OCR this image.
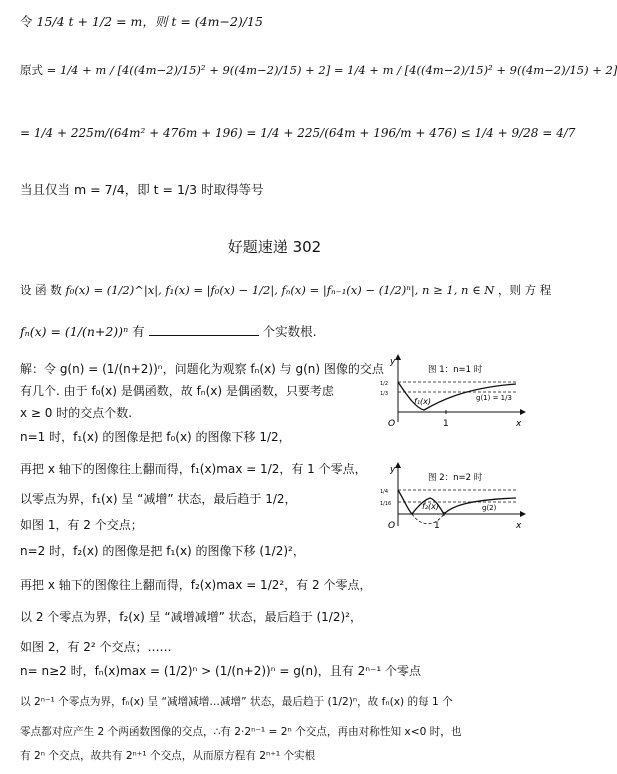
令 15/4 t + 1/2 = m，则 t = (4m−2)/15
原式 = 1/4 + m / [4((4m−2)/15)² + 9((4m−2)/15) + 2] = 1/4 + m / [4((4m−2)/15)² + 9((4m−2)/15) + 2]
= 1/4 + 225m/(64m² + 476m + 196) = 1/4 + 225/(64m + 196/m + 476) ≤ 1/4 + 9/28 = 4/7
当且仅当 m = 7/4，即 t = 1/3 时取得等号
好题速递 302
设 函 数 f₀(x) = (1/2)^|x|, f₁(x) = |f₀(x) − 1/2|, fₙ(x) = |fₙ₋₁(x) − (1/2)ⁿ|, n ≥ 1, n ∈ N ，则 方 程
fₙ(x) = (1/(n+2))ⁿ 有	个实数根.
解：令 g(n) = (1/(n+2))ⁿ，问题化为观察 fₙ(x) 与 g(n) 图像的交点
有几个. 由于 f₀(x) 是偶函数，故 fₙ(x) 是偶函数，只要考虑
x ≥ 0 时的交点个数.
n=1 时，f₁(x) 的图像是把 f₀(x) 的图像下移 1/2，
再把 x 轴下的图像往上翻而得，f₁(x)max = 1/2，有 1 个零点，
以零点为界，f₁(x) 呈 “减增” 状态，最后趋于 1/2，
如图 1，有 2 个交点；
n=2 时，f₂(x) 的图像是把 f₁(x) 的图像下移 (1/2)²，
再把 x 轴下的图像往上翻而得，f₂(x)max = 1/2²，有 2 个零点，
以 2 个零点为界，f₂(x) 呈 “减增减增” 状态，最后趋于 (1/2)²，
如图 2，有 2² 个交点；……
n= n≥2 时，fₙ(x)max = (1/2)ⁿ > (1/(n+2))ⁿ = g(n)，且有 2ⁿ⁻¹ 个零点
以 2ⁿ⁻¹ 个零点为界，fₙ(x) 呈 “减增减增…减增” 状态，最后趋于 (1/2)ⁿ，故 fₙ(x) 的每 1 个
零点都对应产生 2 个两函数图像的交点，∴有 2·2ⁿ⁻¹ = 2ⁿ 个交点，再由对称性知 x<0 时，也
有 2ⁿ 个交点，故共有 2ⁿ⁺¹ 个交点，从而原方程有 2ⁿ⁺¹ 个实根
y
x
O	1
1/2
1/3
f₁(x)	g(1) = 1/3
图 1：n=1 时
y
x
O	1
1/4
1/16	f₂(x)	g(2)
图 2：n=2 时
